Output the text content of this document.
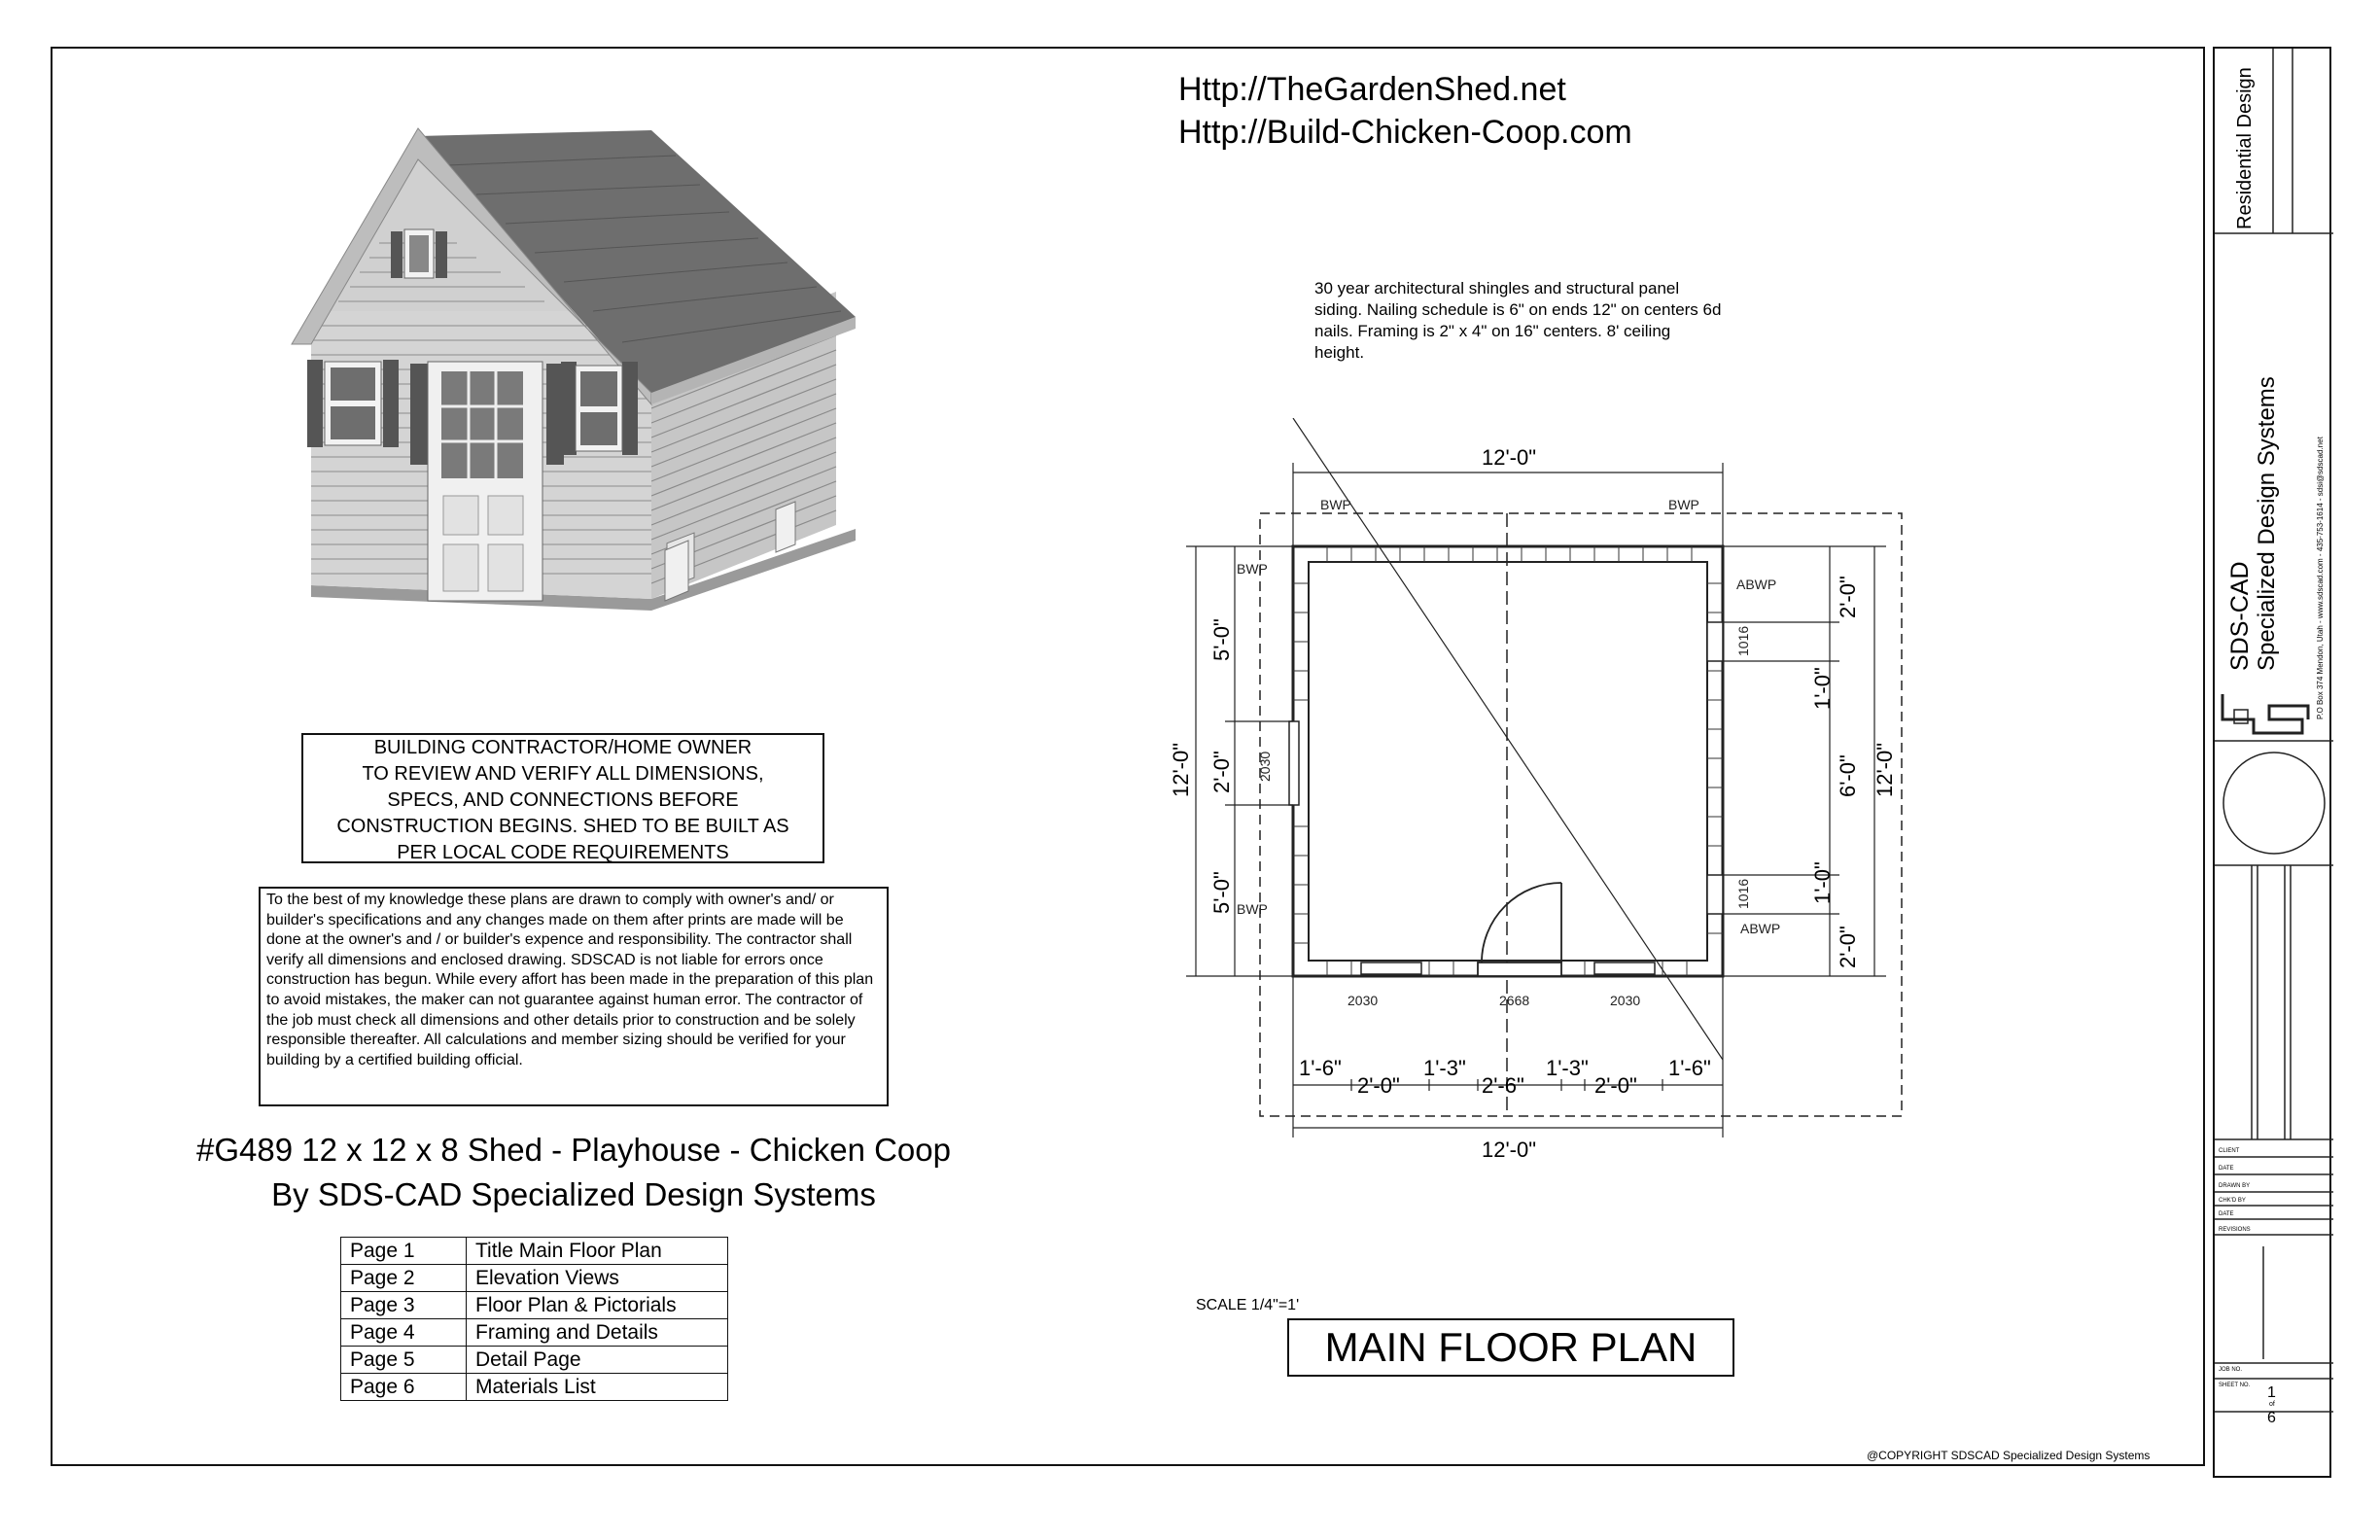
Http://TheGardenShed.net
Http://Build-Chicken-Coop.com
30 year architectural shingles and structural panel siding. Nailing schedule is 6" on ends 12" on centers 6d nails. Framing is 2" x 4" on 16" centers. 8' ceiling height.
BUILDING CONTRACTOR/HOME OWNER
TO REVIEW AND VERIFY ALL DIMENSIONS,
SPECS, AND CONNECTIONS BEFORE
CONSTRUCTION BEGINS. SHED TO BE BUILT AS
PER LOCAL CODE REQUIREMENTS
To the best of my knowledge these plans are drawn to comply with owner's and/ or builder's specifications and any changes made on them after prints are made will be done at the owner's and / or builder's expence and responsibility. The contractor shall verify all dimensions and enclosed drawing. SDSCAD is not liable for errors once construction has begun. While every affort has been made in the preparation of this plan to avoid mistakes, the maker can not guarantee against human error. The contractor of the job must check all dimensions and other details prior to construction and be solely responsible thereafter. All calculations and member sizing should be verified for your building by a certified building official.
#G489 12 x 12 x 8 Shed - Playhouse - Chicken Coop
By SDS-CAD Specialized Design Systems
Page 1	Title Main Floor Plan
Page 2	Elevation Views
Page 3	Floor Plan & Pictorials
Page 4	Framing and Details
Page 5	Detail Page
Page 6	Materials List
12'-0"
12'-0"
1'-6"
2'-0"
1'-3"
2'-6"
1'-3"
2'-0"
1'-6"
12'-0"
5'-0"
2'-0"
5'-0"
12'-0"
2'-0"
1'-0"
6'-0"
1'-0"
2'-0"
BWP	BWP
BWP
BWP
ABWP
ABWP
2030	2668	2030
2030
1016
1016
SCALE 1/4"=1'
MAIN FLOOR PLAN
@COPYRIGHT SDSCAD Specialized Design Systems
Residential Design
SDS-CAD Specialized Design Systems	P.O Box 374 Mendon, Utah - www.sdscad.com - 435-753-1614 - sdsi@sdscad.net
CLIENT
DATE
DRAWN BY
CHK'D BY
DATE
REVISIONS
JOB NO.
SHEET NO. 1
of
6
